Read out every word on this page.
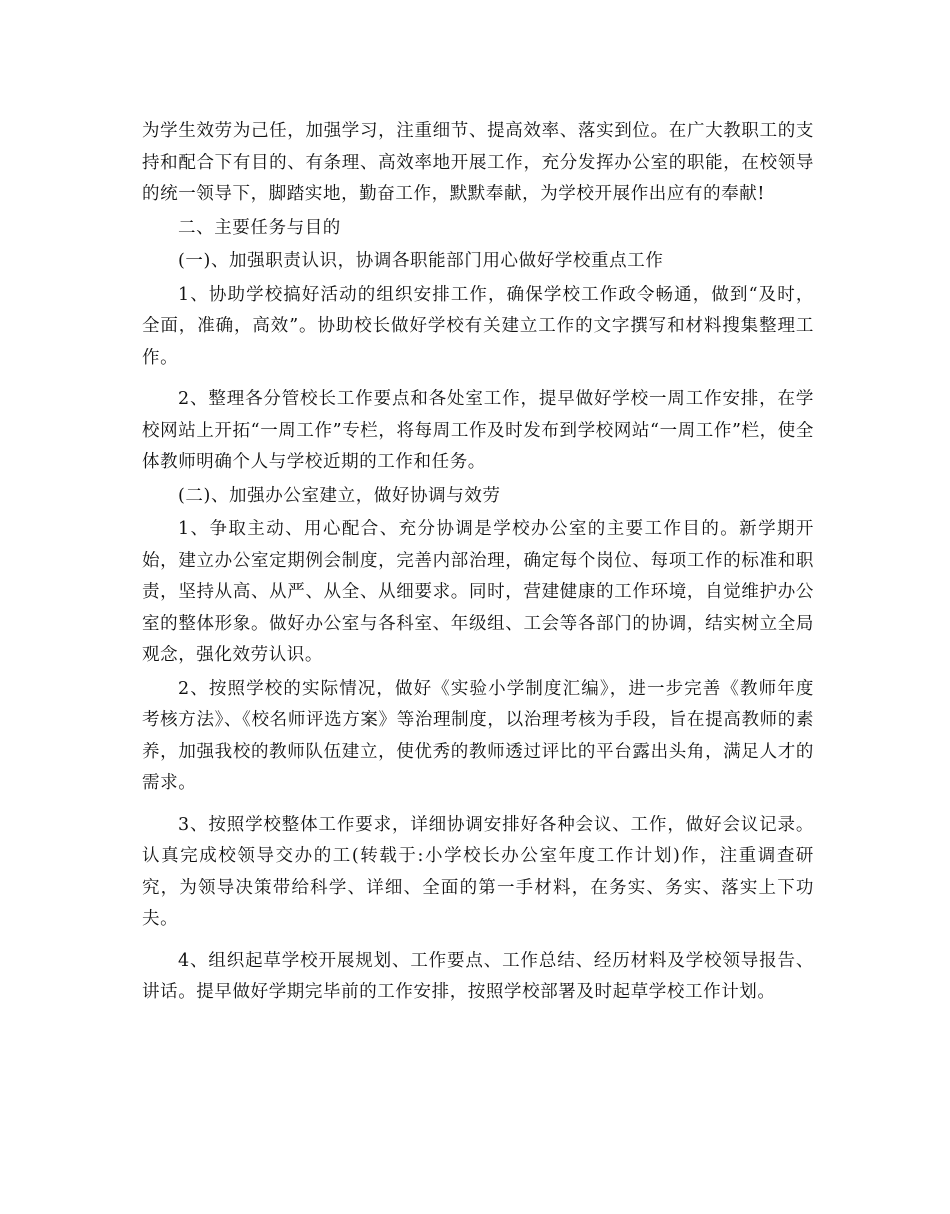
为学生效劳为己任，加强学习，注重细节、提高效率、落实到位。在广大教职工的支持和配合下有目的、有条理、高效率地开展工作，充分发挥办公室的职能，在校领导的统一领导下，脚踏实地，勤奋工作，默默奉献，为学校开展作出应有的奉献!

二、主要任务与目的

(一)、加强职责认识，协调各职能部门用心做好学校重点工作

1、协助学校搞好活动的组织安排工作，确保学校工作政令畅通，做到“及时，全面，准确，高效”。协助校长做好学校有关建立工作的文字撰写和材料搜集整理工作。

2、整理各分管校长工作要点和各处室工作，提早做好学校一周工作安排，在学校网站上开拓“一周工作”专栏，将每周工作及时发布到学校网站“一周工作”栏，使全体教师明确个人与学校近期的工作和任务。

(二)、加强办公室建立，做好协调与效劳

1、争取主动、用心配合、充分协调是学校办公室的主要工作目的。新学期开始，建立办公室定期例会制度，完善内部治理，确定每个岗位、每项工作的标准和职责，坚持从高、从严、从全、从细要求。同时，营建健康的工作环境，自觉维护办公室的整体形象。做好办公室与各科室、年级组、工会等各部门的协调，结实树立全局观念，强化效劳认识。

2、按照学校的实际情况，做好《实验小学制度汇编》，进一步完善《教师年度考核方法》、《校名师评选方案》等治理制度，以治理考核为手段，旨在提高教师的素养，加强我校的教师队伍建立，使优秀的教师透过评比的平台露出头角，满足人才的需求。

3、按照学校整体工作要求，详细协调安排好各种会议、工作，做好会议记录。认真完成校领导交办的工(转载于:小学校长办公室年度工作计划)作，注重调查研究，为领导决策带给科学、详细、全面的第一手材料，在务实、务实、落实上下功夫。

4、组织起草学校开展规划、工作要点、工作总结、经历材料及学校领导报告、讲话。提早做好学期完毕前的工作安排，按照学校部署及时起草学校工作计划。
